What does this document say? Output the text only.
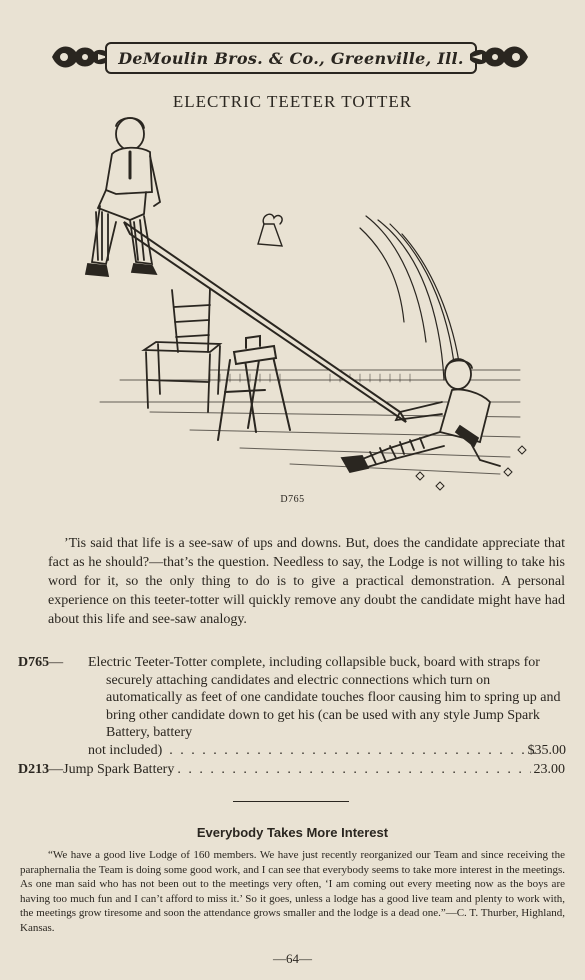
DeMoulin Bros. & Co., Greenville, Ill.
ELECTRIC TEETER TOTTER
D765
’Tis said that life is a see-saw of ups and downs. But, does the candidate appreciate that fact as he should?—that’s the question. Needless to say, the Lodge is not willing to take his word for it, so the only thing to do is to give a practical demonstration. A personal experience on this teeter-totter will quickly remove any doubt the candidate might have had about this life and see-saw analogy.
D765— Electric Teeter-Totter complete, including collapsible buck, board with straps for securely attaching candidates and electric connections which turn on automatically as feet of one candidate touches floor causing him to spring up and bring other candidate down to get his (can be used with any style Jump Spark Battery, battery
not included) . . .	$35.00
D213—Jump Spark Battery . . .	23.00
Everybody Takes More Interest
“We have a good live Lodge of 160 members. We have just recently reorganized our Team and since receiving the paraphernalia the Team is doing some good work, and I can see that everybody seems to take more interest in the meetings. As one man said who has not been out to the meetings very often, ‘I am coming out every meeting now as the boys are having too much fun and I can’t afford to miss it.’ So it goes, unless a lodge has a good live team and plenty to work with, the meetings grow tiresome and soon the attendance grows smaller and the lodge is a dead one.”—C. T. Thurber, Highland, Kansas.
—64—
